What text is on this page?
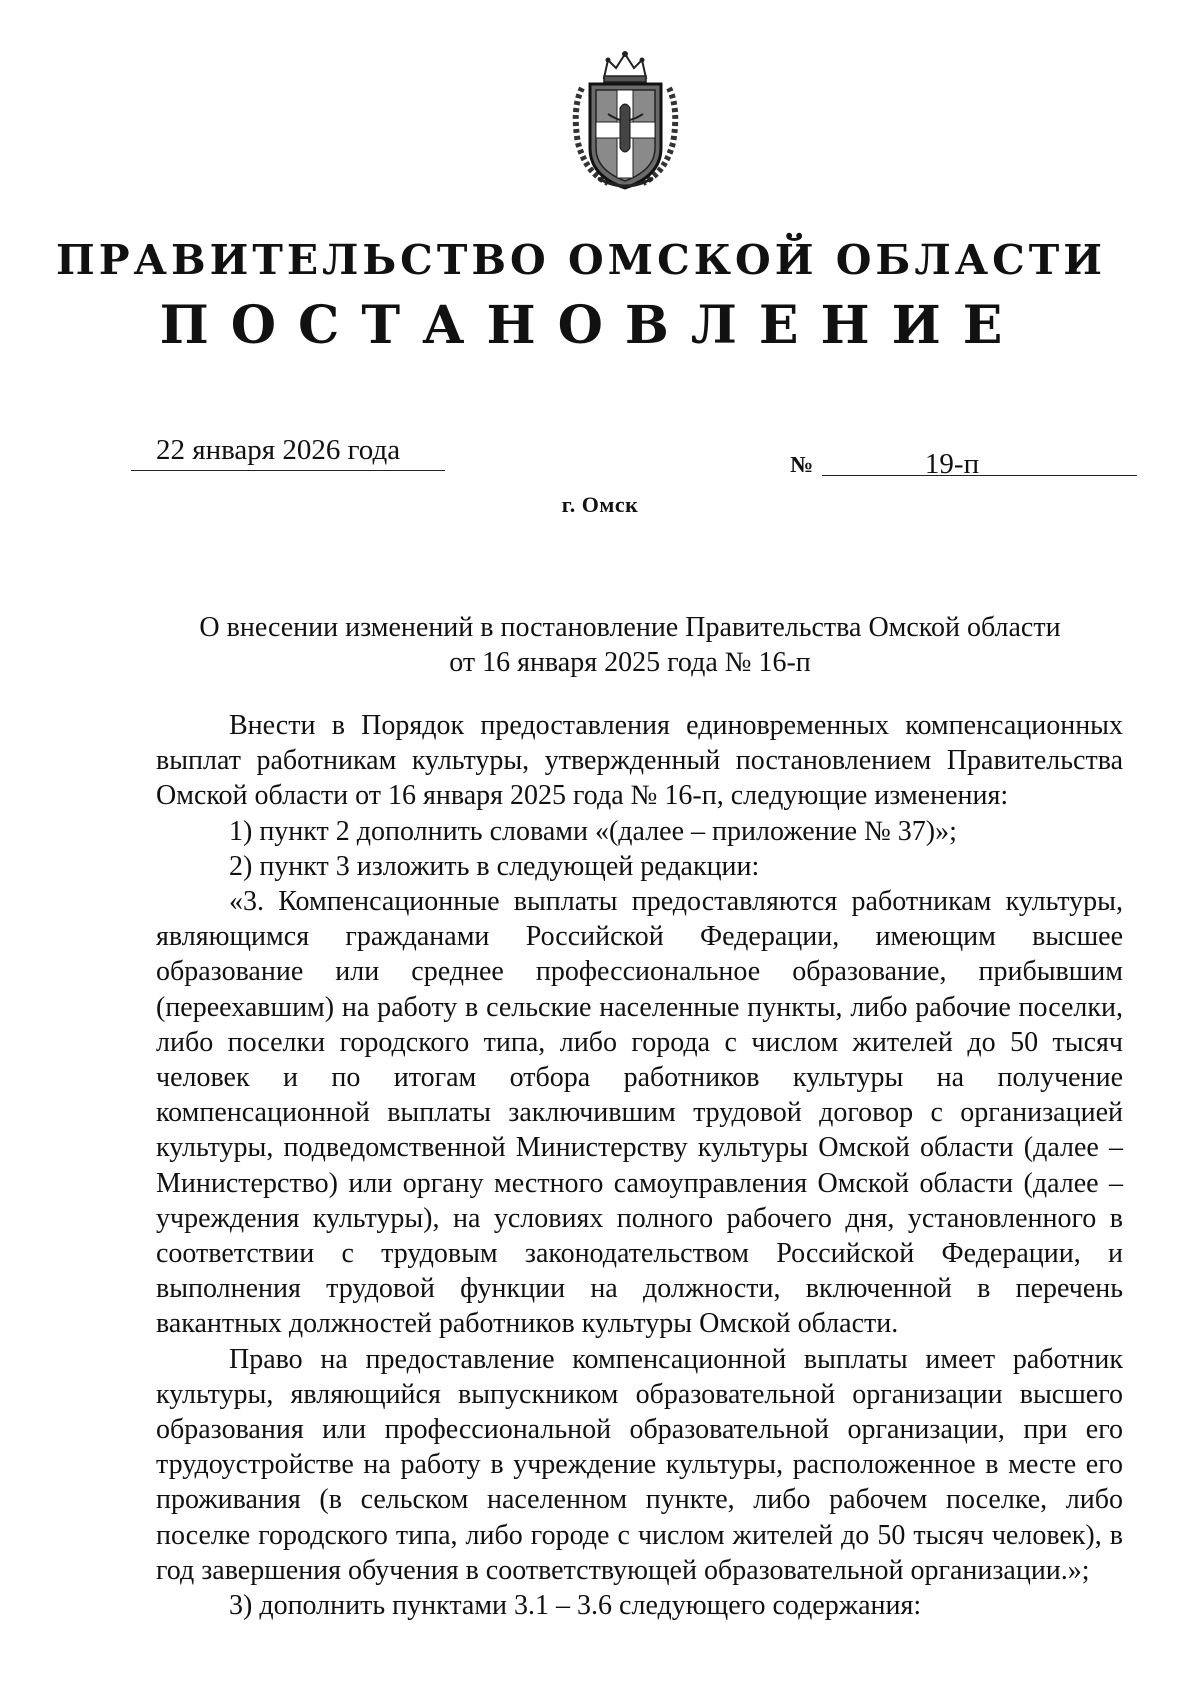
ПРАВИТЕЛЬСТВО ОМСКОЙ ОБЛАСТИ
ПОСТАНОВЛЕНИЕ
22 января 2026 года	№	19-п
г. Омск
О внесении изменений в постановление Правительства Омской области
от 16 января 2025 года № 16-п

Внести в Порядок предоставления единовременных компенсационных выплат работникам культуры, утвержденный постановлением Правительства Омской области от 16 января 2025 года № 16-п, следующие изменения:

1) пункт 2 дополнить словами «(далее – приложение № 37)»;

2) пункт 3 изложить в следующей редакции:

«3. Компенсационные выплаты предоставляются работникам культуры, являющимся гражданами Российской Федерации, имеющим высшее образование или среднее профессиональное образование, прибывшим (переехавшим) на работу в сельские населенные пункты, либо рабочие поселки, либо поселки городского типа, либо города с числом жителей до 50 тысяч человек и по итогам отбора работников культуры на получение компенсационной выплаты заключившим трудовой договор с организацией культуры, подведомственной Министерству культуры Омской области (далее – Министерство) или органу местного самоуправления Омской области (далее – учреждения культуры), на условиях полного рабочего дня, установленного в соответствии с трудовым законодательством Российской Федерации, и выполнения трудовой функции на должности, включенной в перечень вакантных должностей работников культуры Омской области.

Право на предоставление компенсационной выплаты имеет работник культуры, являющийся выпускником образовательной организации высшего образования или профессиональной образовательной организации, при его трудоустройстве на работу в учреждение культуры, расположенное в месте его проживания (в сельском населенном пункте, либо рабочем поселке, либо поселке городского типа, либо городе с числом жителей до 50 тысяч человек), в год завершения обучения в соответствующей образовательной организации.»;

3) дополнить пунктами 3.1 – 3.6 следующего содержания:
